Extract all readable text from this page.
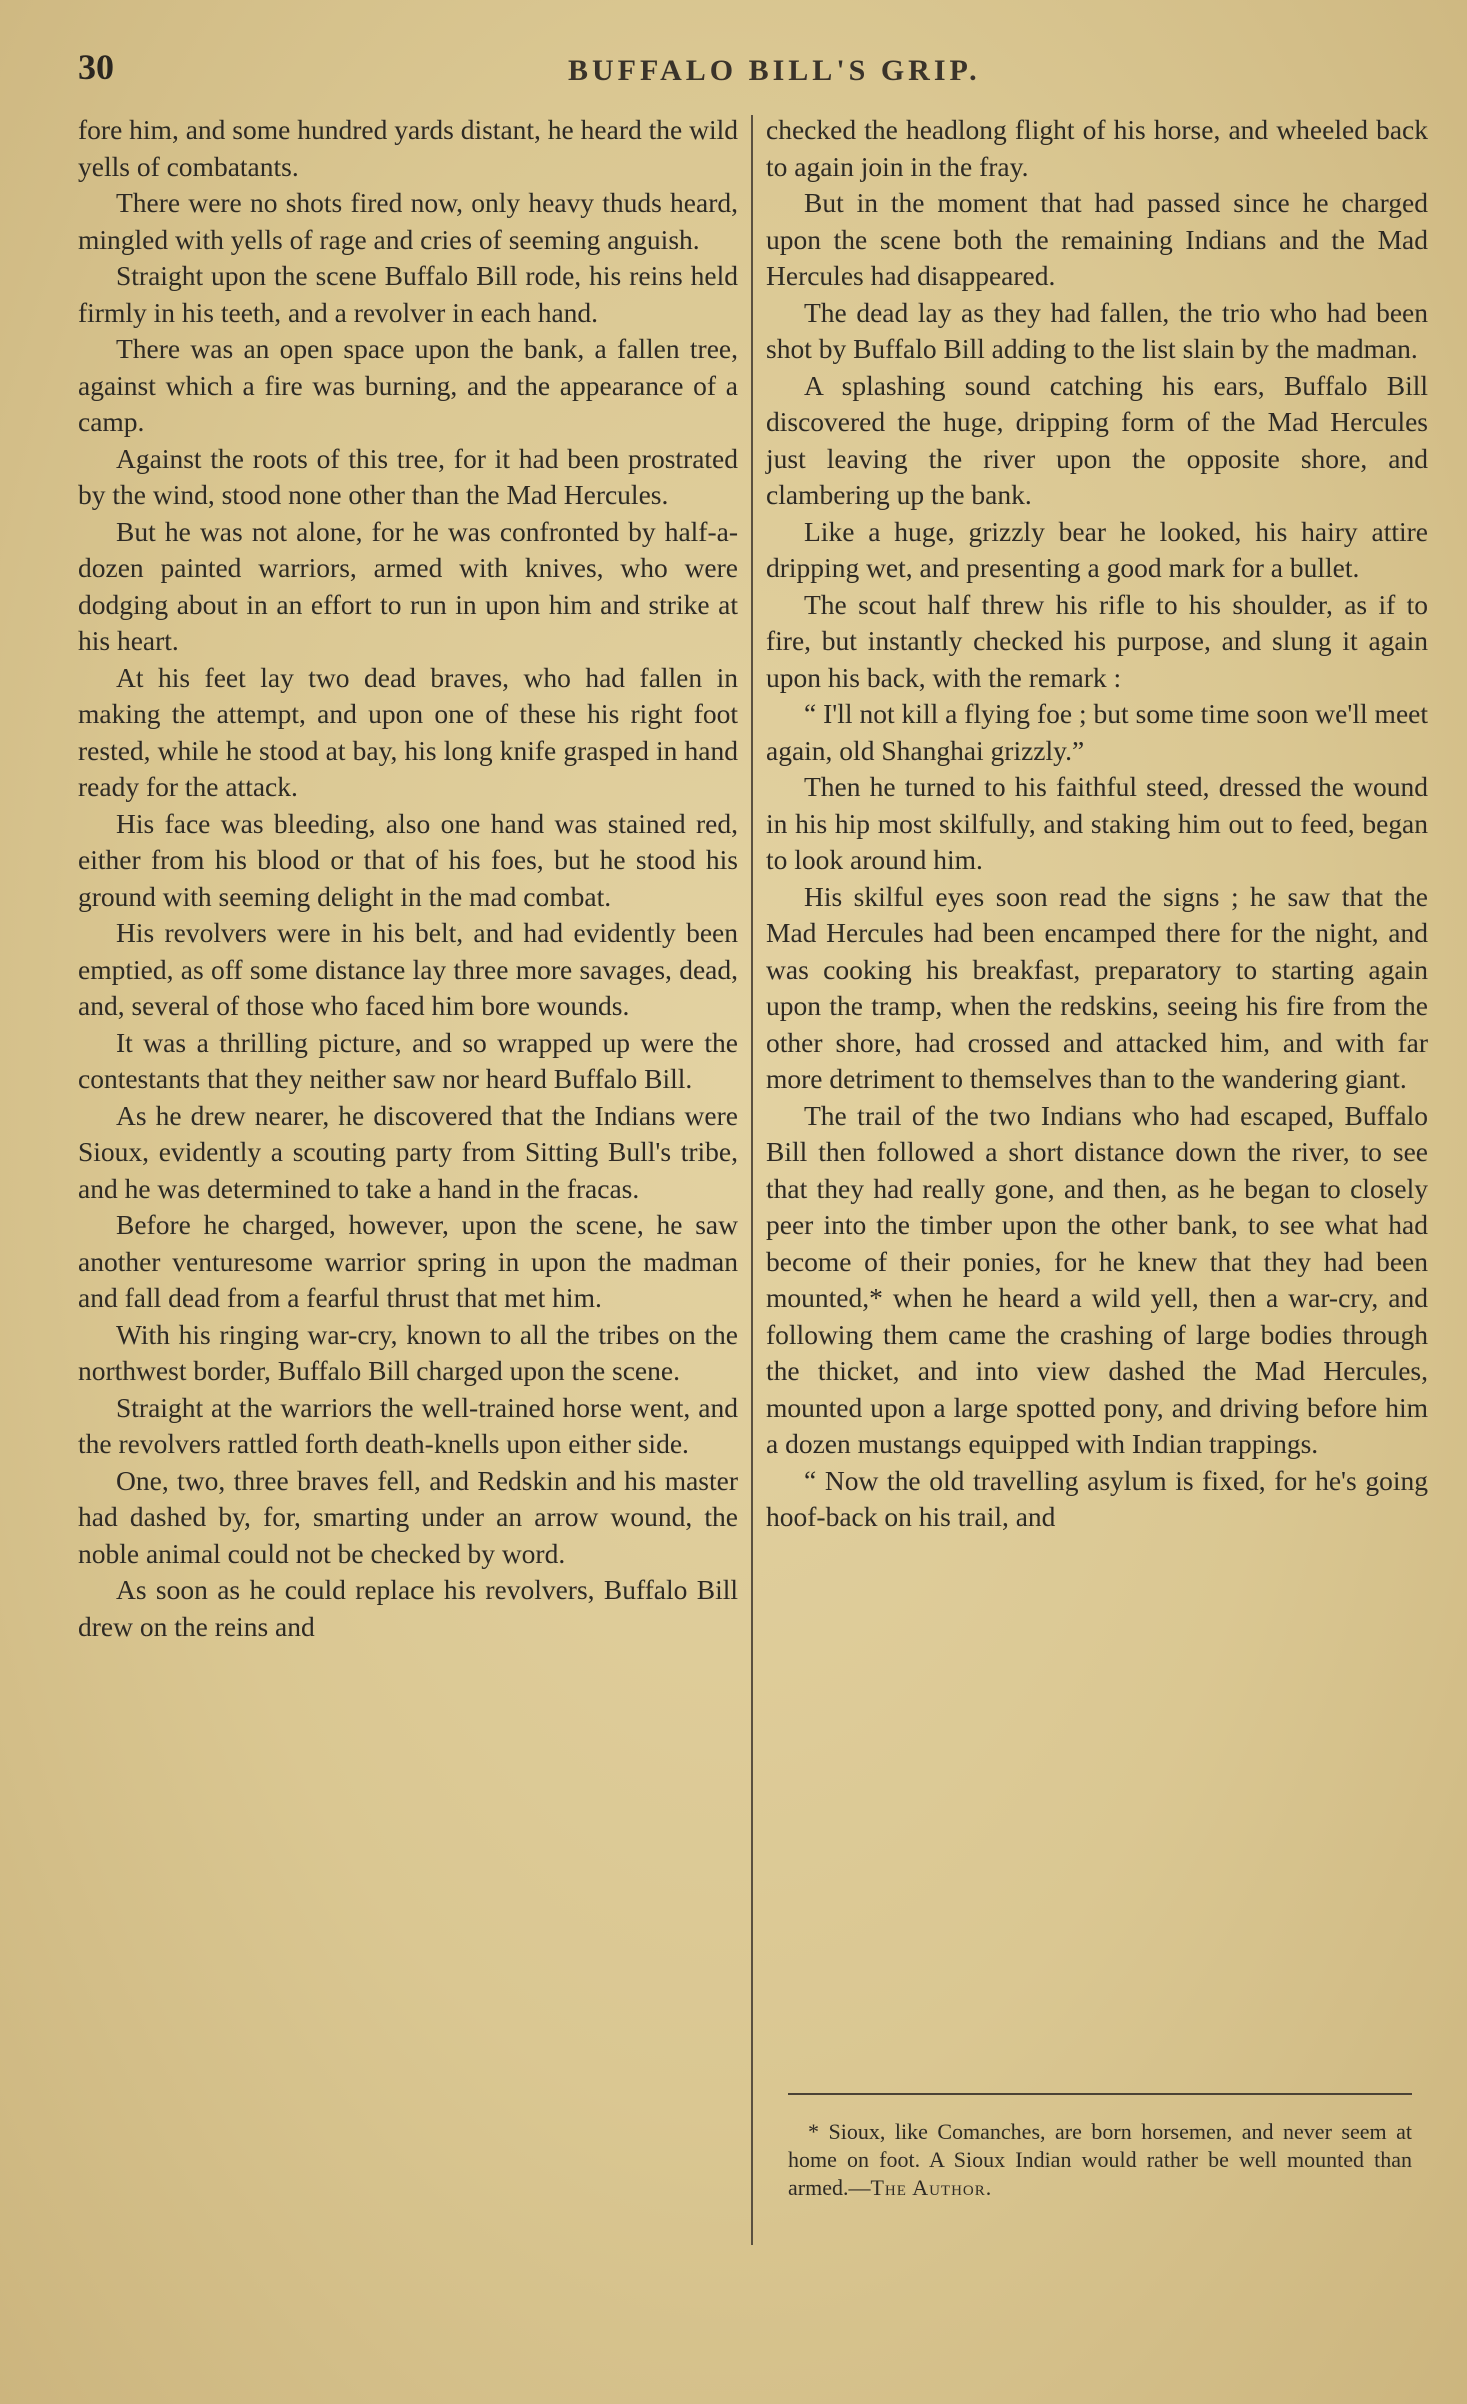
30	BUFFALO BILL'S GRIP.

fore him, and some hundred yards distant, he heard the wild yells of combatants.

There were no shots fired now, only heavy thuds heard, mingled with yells of rage and cries of seeming anguish.

Straight upon the scene Buffalo Bill rode, his reins held firmly in his teeth, and a revolver in each hand.

There was an open space upon the bank, a fallen tree, against which a fire was burning, and the appearance of a camp.

Against the roots of this tree, for it had been prostrated by the wind, stood none other than the Mad Hercules.

But he was not alone, for he was confronted by half-a-dozen painted warriors, armed with knives, who were dodging about in an effort to run in upon him and strike at his heart.

At his feet lay two dead braves, who had fallen in making the attempt, and upon one of these his right foot rested, while he stood at bay, his long knife grasped in hand ready for the attack.

His face was bleeding, also one hand was stained red, either from his blood or that of his foes, but he stood his ground with seeming delight in the mad combat.

His revolvers were in his belt, and had evidently been emptied, as off some distance lay three more savages, dead, and, several of those who faced him bore wounds.

It was a thrilling picture, and so wrapped up were the contestants that they neither saw nor heard Buffalo Bill.

As he drew nearer, he discovered that the Indians were Sioux, evidently a scouting party from Sitting Bull's tribe, and he was determined to take a hand in the fracas.

Before he charged, however, upon the scene, he saw another venturesome warrior spring in upon the madman and fall dead from a fearful thrust that met him.

With his ringing war-cry, known to all the tribes on the northwest border, Buffalo Bill charged upon the scene.

Straight at the warriors the well-trained horse went, and the revolvers rattled forth death-knells upon either side.

One, two, three braves fell, and Redskin and his master had dashed by, for, smarting under an arrow wound, the noble animal could not be checked by word.

As soon as he could replace his revolvers, Buffalo Bill drew on the reins and

checked the headlong flight of his horse, and wheeled back to again join in the fray.

But in the moment that had passed since he charged upon the scene both the remaining Indians and the Mad Hercules had disappeared.

The dead lay as they had fallen, the trio who had been shot by Buffalo Bill adding to the list slain by the madman.

A splashing sound catching his ears, Buffalo Bill discovered the huge, dripping form of the Mad Hercules just leaving the river upon the opposite shore, and clambering up the bank.

Like a huge, grizzly bear he looked, his hairy attire dripping wet, and presenting a good mark for a bullet.

The scout half threw his rifle to his shoulder, as if to fire, but instantly checked his purpose, and slung it again upon his back, with the remark :

“ I'll not kill a flying foe ; but some time soon we'll meet again, old Shanghai grizzly.”

Then he turned to his faithful steed, dressed the wound in his hip most skilfully, and staking him out to feed, began to look around him.

His skilful eyes soon read the signs ; he saw that the Mad Hercules had been encamped there for the night, and was cooking his breakfast, preparatory to starting again upon the tramp, when the redskins, seeing his fire from the other shore, had crossed and attacked him, and with far more detriment to themselves than to the wandering giant.

The trail of the two Indians who had escaped, Buffalo Bill then followed a short distance down the river, to see that they had really gone, and then, as he began to closely peer into the timber upon the other bank, to see what had become of their ponies, for he knew that they had been mounted,* when he heard a wild yell, then a war-cry, and following them came the crashing of large bodies through the thicket, and into view dashed the Mad Hercules, mounted upon a large spotted pony, and driving before him a dozen mustangs equipped with Indian trappings.

“ Now the old travelling asylum is fixed, for he's going hoof-back on his trail, and

* Sioux, like Comanches, are born horsemen, and never seem at home on foot. A Sioux Indian would rather be well mounted than armed.—The Author.
